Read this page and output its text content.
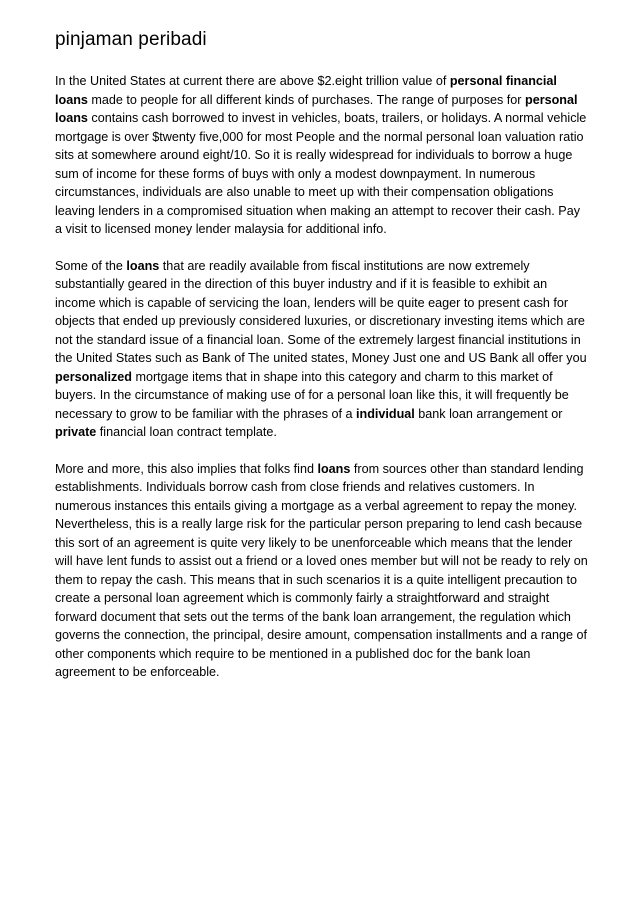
pinjaman peribadi

In the United States at current there are above $2.eight trillion value of personal financial loans made to people for all different kinds of purchases. The range of purposes for personal loans contains cash borrowed to invest in vehicles, boats, trailers, or holidays. A normal vehicle mortgage is over $twenty five,000 for most People and the normal personal loan valuation ratio sits at somewhere around eight/10. So it is really widespread for individuals to borrow a huge sum of income for these forms of buys with only a modest downpayment. In numerous circumstances, individuals are also unable to meet up with their compensation obligations leaving lenders in a compromised situation when making an attempt to recover their cash. Pay a visit to licensed money lender malaysia for additional info.

Some of the loans that are readily available from fiscal institutions are now extremely substantially geared in the direction of this buyer industry and if it is feasible to exhibit an income which is capable of servicing the loan, lenders will be quite eager to present cash for objects that ended up previously considered luxuries, or discretionary investing items which are not the standard issue of a financial loan. Some of the extremely largest financial institutions in the United States such as Bank of The united states, Money Just one and US Bank all offer you personalized mortgage items that in shape into this category and charm to this market of buyers. In the circumstance of making use of for a personal loan like this, it will frequently be necessary to grow to be familiar with the phrases of a individual bank loan arrangement or private financial loan contract template.

More and more, this also implies that folks find loans from sources other than standard lending establishments. Individuals borrow cash from close friends and relatives customers. In numerous instances this entails giving a mortgage as a verbal agreement to repay the money. Nevertheless, this is a really large risk for the particular person preparing to lend cash because this sort of an agreement is quite very likely to be unenforceable which means that the lender will have lent funds to assist out a friend or a loved ones member but will not be ready to rely on them to repay the cash. This means that in such scenarios it is a quite intelligent precaution to create a personal loan agreement which is commonly fairly a straightforward and straight forward document that sets out the terms of the bank loan arrangement, the regulation which governs the connection, the principal, desire amount, compensation installments and a range of other components which require to be mentioned in a published doc for the bank loan agreement to be enforceable.
